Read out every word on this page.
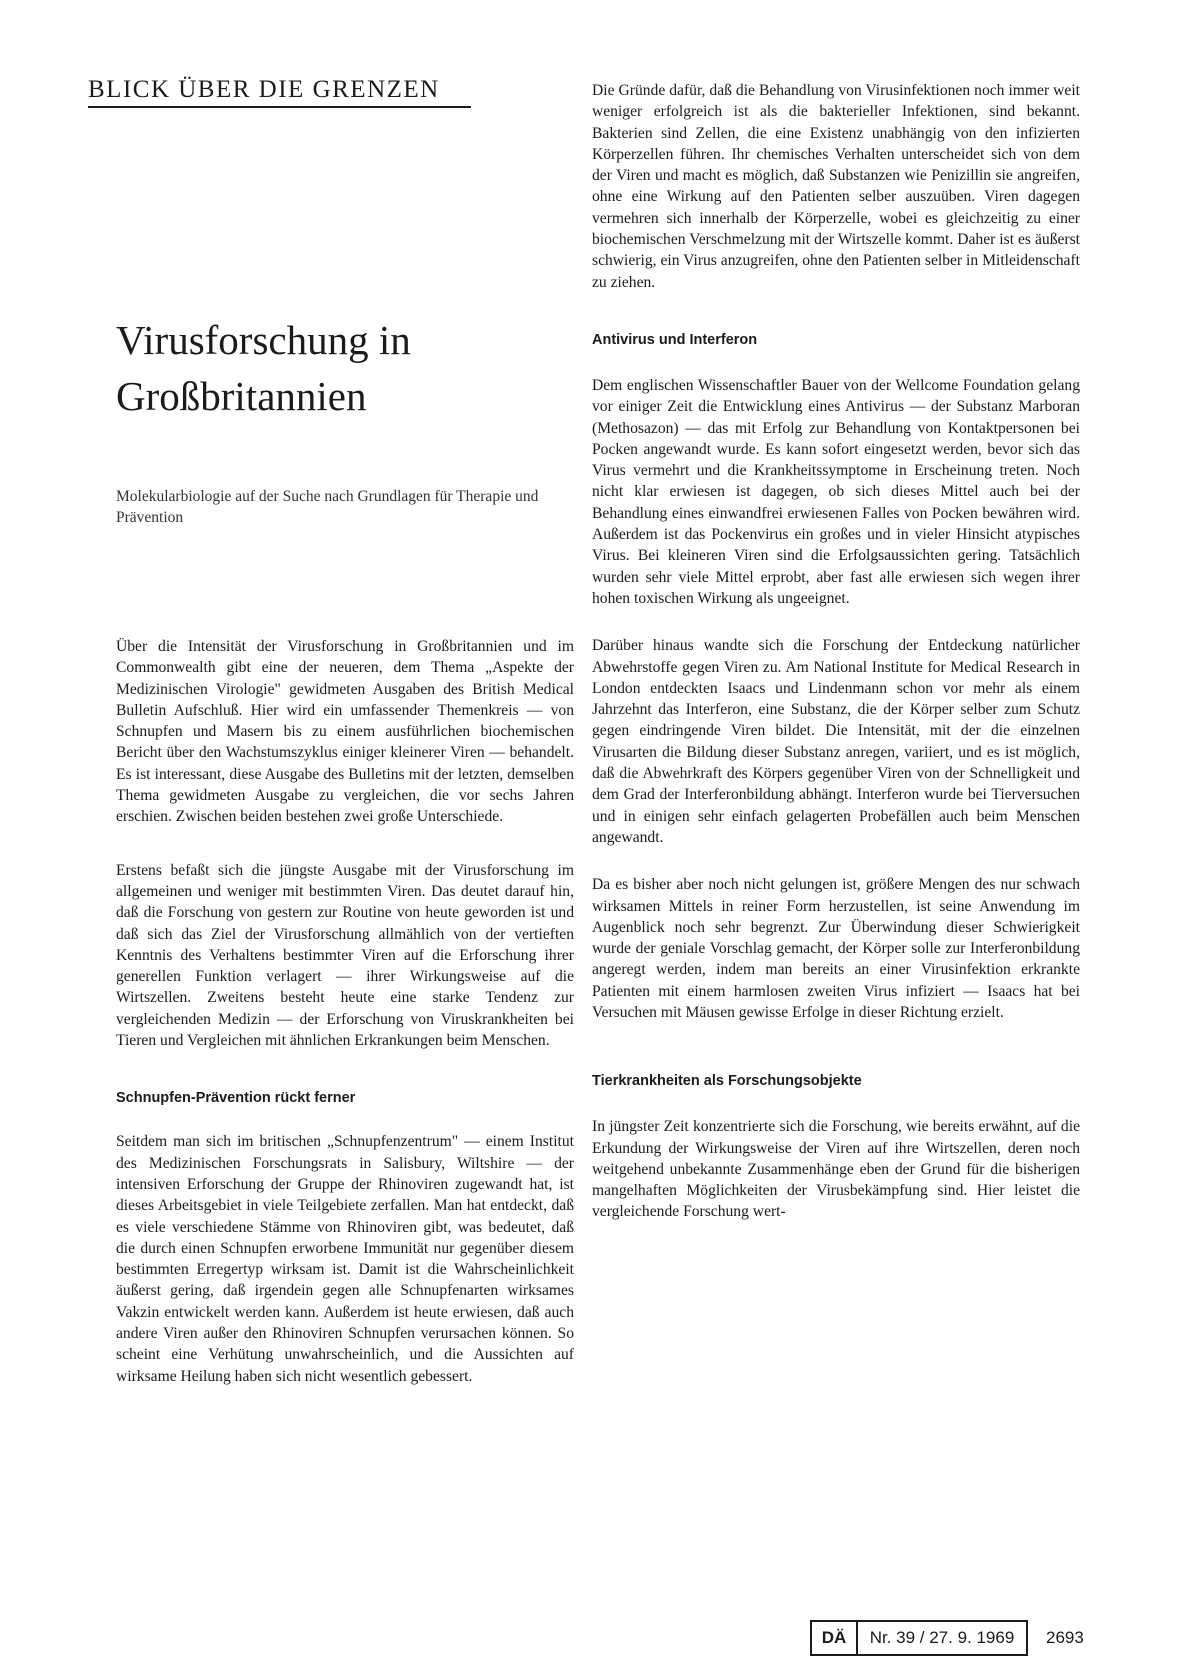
BLICK ÜBER DIE GRENZEN
Virusforschung in
Großbritannien

Molekularbiologie auf der Suche nach Grundlagen für Therapie und Prävention

Über die Intensität der Virusforschung in Großbritannien und im Commonwealth gibt eine der neueren, dem Thema „Aspekte der Medizinischen Virologie" gewidmeten Ausgaben des British Medical Bulletin Aufschluß. Hier wird ein umfassender Themenkreis — von Schnupfen und Masern bis zu einem ausführlichen biochemischen Bericht über den Wachstumszyklus einiger kleinerer Viren — behandelt. Es ist interessant, diese Ausgabe des Bulletins mit der letzten, demselben Thema gewidmeten Ausgabe zu vergleichen, die vor sechs Jahren erschien. Zwischen beiden bestehen zwei große Unterschiede.

Erstens befaßt sich die jüngste Ausgabe mit der Virusforschung im allgemeinen und weniger mit bestimmten Viren. Das deutet darauf hin, daß die Forschung von gestern zur Routine von heute geworden ist und daß sich das Ziel der Virusforschung allmählich von der vertieften Kenntnis des Verhaltens bestimmter Viren auf die Erforschung ihrer generellen Funktion verlagert — ihrer Wirkungsweise auf die Wirtszellen. Zweitens besteht heute eine starke Tendenz zur vergleichenden Medizin — der Erforschung von Viruskrankheiten bei Tieren und Vergleichen mit ähnlichen Erkrankungen beim Menschen.

Schnupfen-Prävention rückt ferner

Seitdem man sich im britischen „Schnupfenzentrum" — einem Institut des Medizinischen Forschungsrats in Salisbury, Wiltshire — der intensiven Erforschung der Gruppe der Rhinoviren zugewandt hat, ist dieses Arbeitsgebiet in viele Teilgebiete zerfallen. Man hat entdeckt, daß es viele verschiedene Stämme von Rhinoviren gibt, was bedeutet, daß die durch einen Schnupfen erworbene Immunität nur gegenüber diesem bestimmten Erregertyp wirksam ist. Damit ist die Wahrscheinlichkeit äußerst gering, daß irgendein gegen alle Schnupfenarten wirksames Vakzin entwickelt werden kann. Außerdem ist heute erwiesen, daß auch andere Viren außer den Rhinoviren Schnupfen verursachen können. So scheint eine Verhütung unwahrscheinlich, und die Aussichten auf wirksame Heilung haben sich nicht wesentlich gebessert.

Die Gründe dafür, daß die Behandlung von Virusinfektionen noch immer weit weniger erfolgreich ist als die bakterieller Infektionen, sind bekannt. Bakterien sind Zellen, die eine Existenz unabhängig von den infizierten Körperzellen führen. Ihr chemisches Verhalten unterscheidet sich von dem der Viren und macht es möglich, daß Substanzen wie Penizillin sie angreifen, ohne eine Wirkung auf den Patienten selber auszuüben. Viren dagegen vermehren sich innerhalb der Körperzelle, wobei es gleichzeitig zu einer biochemischen Verschmelzung mit der Wirtszelle kommt. Daher ist es äußerst schwierig, ein Virus anzugreifen, ohne den Patienten selber in Mitleidenschaft zu ziehen.

Antivirus und Interferon

Dem englischen Wissenschaftler Bauer von der Wellcome Foundation gelang vor einiger Zeit die Entwicklung eines Antivirus — der Substanz Marboran (Methosazon) — das mit Erfolg zur Behandlung von Kontaktpersonen bei Pocken angewandt wurde. Es kann sofort eingesetzt werden, bevor sich das Virus vermehrt und die Krankheitssymptome in Erscheinung treten. Noch nicht klar erwiesen ist dagegen, ob sich dieses Mittel auch bei der Behandlung eines einwandfrei erwiesenen Falles von Pocken bewähren wird. Außerdem ist das Pockenvirus ein großes und in vieler Hinsicht atypisches Virus. Bei kleineren Viren sind die Erfolgsaussichten gering. Tatsächlich wurden sehr viele Mittel erprobt, aber fast alle erwiesen sich wegen ihrer hohen toxischen Wirkung als ungeeignet.

Darüber hinaus wandte sich die Forschung der Entdeckung natürlicher Abwehrstoffe gegen Viren zu. Am National Institute for Medical Research in London entdeckten Isaacs und Lindenmann schon vor mehr als einem Jahrzehnt das Interferon, eine Substanz, die der Körper selber zum Schutz gegen eindringende Viren bildet. Die Intensität, mit der die einzelnen Virusarten die Bildung dieser Substanz anregen, variiert, und es ist möglich, daß die Abwehrkraft des Körpers gegenüber Viren von der Schnelligkeit und dem Grad der Interferonbildung abhängt. Interferon wurde bei Tierversuchen und in einigen sehr einfach gelagerten Probefällen auch beim Menschen angewandt.

Da es bisher aber noch nicht gelungen ist, größere Mengen des nur schwach wirksamen Mittels in reiner Form herzustellen, ist seine Anwendung im Augenblick noch sehr begrenzt. Zur Überwindung dieser Schwierigkeit wurde der geniale Vorschlag gemacht, der Körper solle zur Interferonbildung angeregt werden, indem man bereits an einer Virusinfektion erkrankte Patienten mit einem harmlosen zweiten Virus infiziert — Isaacs hat bei Versuchen mit Mäusen gewisse Erfolge in dieser Richtung erzielt.

Tierkrankheiten als Forschungsobjekte

In jüngster Zeit konzentrierte sich die Forschung, wie bereits erwähnt, auf die Erkundung der Wirkungsweise der Viren auf ihre Wirtszellen, deren noch weitgehend unbekannte Zusammenhänge eben der Grund für die bisherigen mangelhaften Möglichkeiten der Virusbekämpfung sind. Hier leistet die vergleichende Forschung wert-

DÄ	Nr. 39 / 27. 9. 1969	2693
